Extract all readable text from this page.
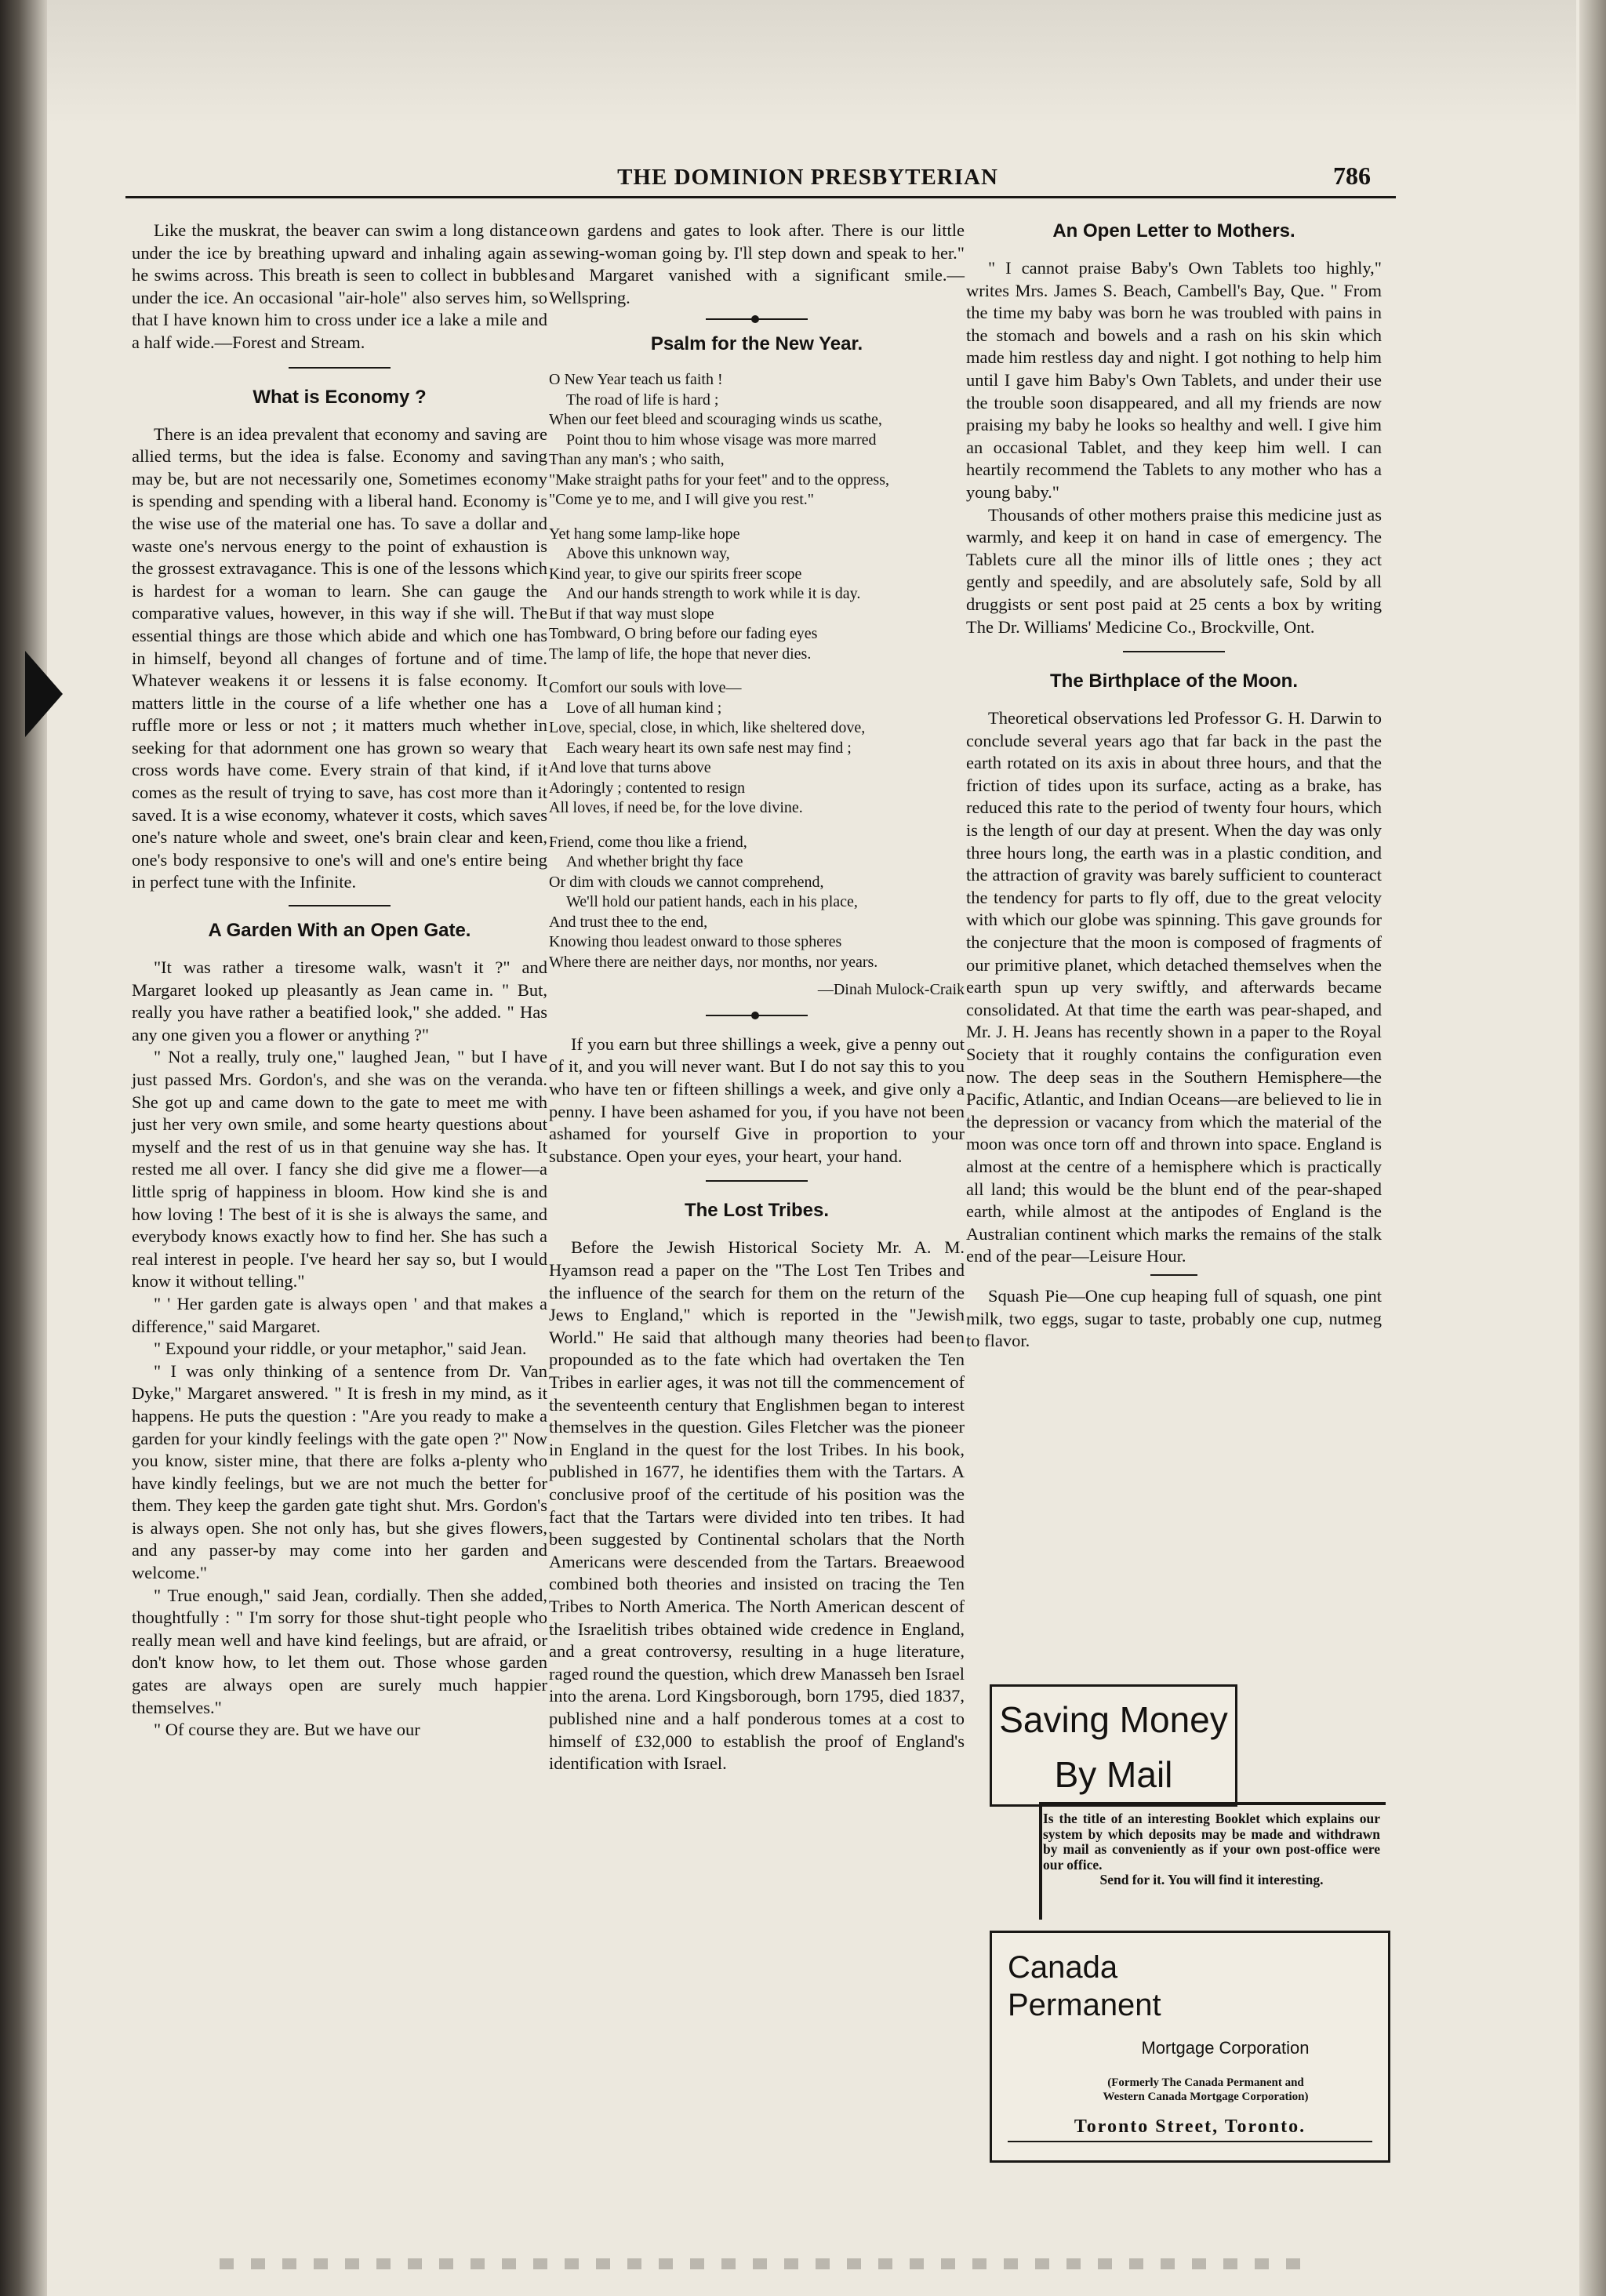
THE DOMINION PRESBYTERIAN	786

Like the muskrat, the beaver can swim a long distance under the ice by breathing upward and inhaling again as he swims across. This breath is seen to collect in bubbles under the ice. An occasional "air-hole" also serves him, so that I have known him to cross under ice a lake a mile and a half wide.—Forest and Stream.

What is Economy ?

There is an idea prevalent that economy and saving are allied terms, but the idea is false. Economy and saving may be, but are not necessarily one, Sometimes economy is spending and spending with a liberal hand. Economy is the wise use of the material one has. To save a dollar and waste one's nervous energy to the point of exhaustion is the grossest extravagance. This is one of the lessons which is hardest for a woman to learn. She can gauge the comparative values, however, in this way if she will. The essential things are those which abide and which one has in himself, beyond all changes of fortune and of time. Whatever weakens it or lessens it is false economy. It matters little in the course of a life whether one has a ruffle more or less or not ; it matters much whether in seeking for that adornment one has grown so weary that cross words have come. Every strain of that kind, if it comes as the result of trying to save, has cost more than it saved. It is a wise economy, whatever it costs, which saves one's nature whole and sweet, one's brain clear and keen, one's body responsive to one's will and one's entire being in perfect tune with the Infinite.

A Garden With an Open Gate.

"It was rather a tiresome walk, wasn't it ?" and Margaret looked up pleasantly as Jean came in. " But, really you have rather a beatified look," she added. " Has any one given you a flower or anything ?"

" Not a really, truly one," laughed Jean, " but I have just passed Mrs. Gordon's, and she was on the veranda. She got up and came down to the gate to meet me with just her very own smile, and some hearty questions about myself and the rest of us in that genuine way she has. It rested me all over. I fancy she did give me a flower—a little sprig of happiness in bloom. How kind she is and how loving ! The best of it is she is always the same, and everybody knows exactly how to find her. She has such a real interest in people. I've heard her say so, but I would know it without telling."

" ' Her garden gate is always open ' and that makes a difference," said Margaret.

" Expound your riddle, or your metaphor," said Jean.

" I was only thinking of a sentence from Dr. Van Dyke," Margaret answered. " It is fresh in my mind, as it happens. He puts the question : "Are you ready to make a garden for your kindly feelings with the gate open ?" Now you know, sister mine, that there are folks a-plenty who have kindly feelings, but we are not much the better for them. They keep the garden gate tight shut. Mrs. Gordon's is always open. She not only has, but she gives flowers, and any passer-by may come into her garden and welcome."

" True enough," said Jean, cordially. Then she added, thoughtfully : " I'm sorry for those shut-tight people who really mean well and have kind feelings, but are afraid, or don't know how, to let them out. Those whose garden gates are always open are surely much happier themselves."

" Of course they are. But we have our

own gardens and gates to look after. There is our little sewing-woman going by. I'll step down and speak to her." and Margaret vanished with a significant smile.—Wellspring.

Psalm for the New Year.
O New Year teach us faith !
The road of life is hard ;
When our feet bleed and scouraging winds us scathe,
Point thou to him whose visage was more marred
Than any man's ; who saith,
"Make straight paths for your feet" and to the oppress,
"Come ye to me, and I will give you rest."
Yet hang some lamp-like hope
Above this unknown way,
Kind year, to give our spirits freer scope
And our hands strength to work while it is day.
But if that way must slope
Tombward, O bring before our fading eyes
The lamp of life, the hope that never dies.
Comfort our souls with love—
Love of all human kind ;
Love, special, close, in which, like sheltered dove,
Each weary heart its own safe nest may find ;
And love that turns above
Adoringly ; contented to resign
All loves, if need be, for the love divine.
Friend, come thou like a friend,
And whether bright thy face
Or dim with clouds we cannot comprehend,
We'll hold our patient hands, each in his place,
And trust thee to the end,
Knowing thou leadest onward to those spheres
Where there are neither days, nor months, nor years.
—Dinah Mulock-Craik

If you earn but three shillings a week, give a penny out of it, and you will never want. But I do not say this to you who have ten or fifteen shillings a week, and give only a penny. I have been ashamed for you, if you have not been ashamed for yourself Give in proportion to your substance. Open your eyes, your heart, your hand.

The Lost Tribes.

Before the Jewish Historical Society Mr. A. M. Hyamson read a paper on the "The Lost Ten Tribes and the influence of the search for them on the return of the Jews to England," which is reported in the "Jewish World." He said that although many theories had been propounded as to the fate which had overtaken the Ten Tribes in earlier ages, it was not till the commencement of the seventeenth century that Englishmen began to interest themselves in the question. Giles Fletcher was the pioneer in England in the quest for the lost Tribes. In his book, published in 1677, he identifies them with the Tartars. A conclusive proof of the certitude of his position was the fact that the Tartars were divided into ten tribes. It had been suggested by Continental scholars that the North Americans were descended from the Tartars. Breaewood combined both theories and insisted on tracing the Ten Tribes to North America. The North American descent of the Israelitish tribes obtained wide credence in England, and a great controversy, resulting in a huge literature, raged round the question, which drew Manasseh ben Israel into the arena. Lord Kingsborough, born 1795, died 1837, published nine and a half ponderous tomes at a cost to himself of £32,000 to establish the proof of England's identification with Israel.

An Open Letter to Mothers.

" I cannot praise Baby's Own Tablets too highly," writes Mrs. James S. Beach, Cambell's Bay, Que. " From the time my baby was born he was troubled with pains in the stomach and bowels and a rash on his skin which made him restless day and night. I got nothing to help him until I gave him Baby's Own Tablets, and under their use the trouble soon disappeared, and all my friends are now praising my baby he looks so healthy and well. I give him an occasional Tablet, and they keep him well. I can heartily recommend the Tablets to any mother who has a young baby."

Thousands of other mothers praise this medicine just as warmly, and keep it on hand in case of emergency. The Tablets cure all the minor ills of little ones ; they act gently and speedily, and are absolutely safe, Sold by all druggists or sent post paid at 25 cents a box by writing The Dr. Williams' Medicine Co., Brockville, Ont.

The Birthplace of the Moon.

Theoretical observations led Professor G. H. Darwin to conclude several years ago that far back in the past the earth rotated on its axis in about three hours, and that the friction of tides upon its surface, acting as a brake, has reduced this rate to the period of twenty four hours, which is the length of our day at present. When the day was only three hours long, the earth was in a plastic condition, and the attraction of gravity was barely sufficient to counteract the tendency for parts to fly off, due to the great velocity with which our globe was spinning. This gave grounds for the conjecture that the moon is composed of fragments of our primitive planet, which detached themselves when the earth spun up very swiftly, and afterwards became consolidated. At that time the earth was pear-shaped, and Mr. J. H. Jeans has recently shown in a paper to the Royal Society that it roughly contains the configuration even now. The deep seas in the Southern Hemisphere—the Pacific, Atlantic, and Indian Oceans—are believed to lie in the depression or vacancy from which the material of the moon was once torn off and thrown into space. England is almost at the centre of a hemisphere which is practically all land; this would be the blunt end of the pear-shaped earth, while almost at the antipodes of England is the Australian continent which marks the remains of the stalk end of the pear—Leisure Hour.

Squash Pie—One cup heaping full of squash, one pint milk, two eggs, sugar to taste, probably one cup, nutmeg to flavor.

Saving Money
By Mail
Is the title of an interesting Booklet which explains our system by which deposits may be made and withdrawn by mail as conveniently as if your own post-office were our office.
Send for it. You will find it interesting.
Canada
Permanent
Mortgage Corporation
(Formerly The Canada Permanent and
Western Canada Mortgage Corporation)
Toronto Street, Toronto.
